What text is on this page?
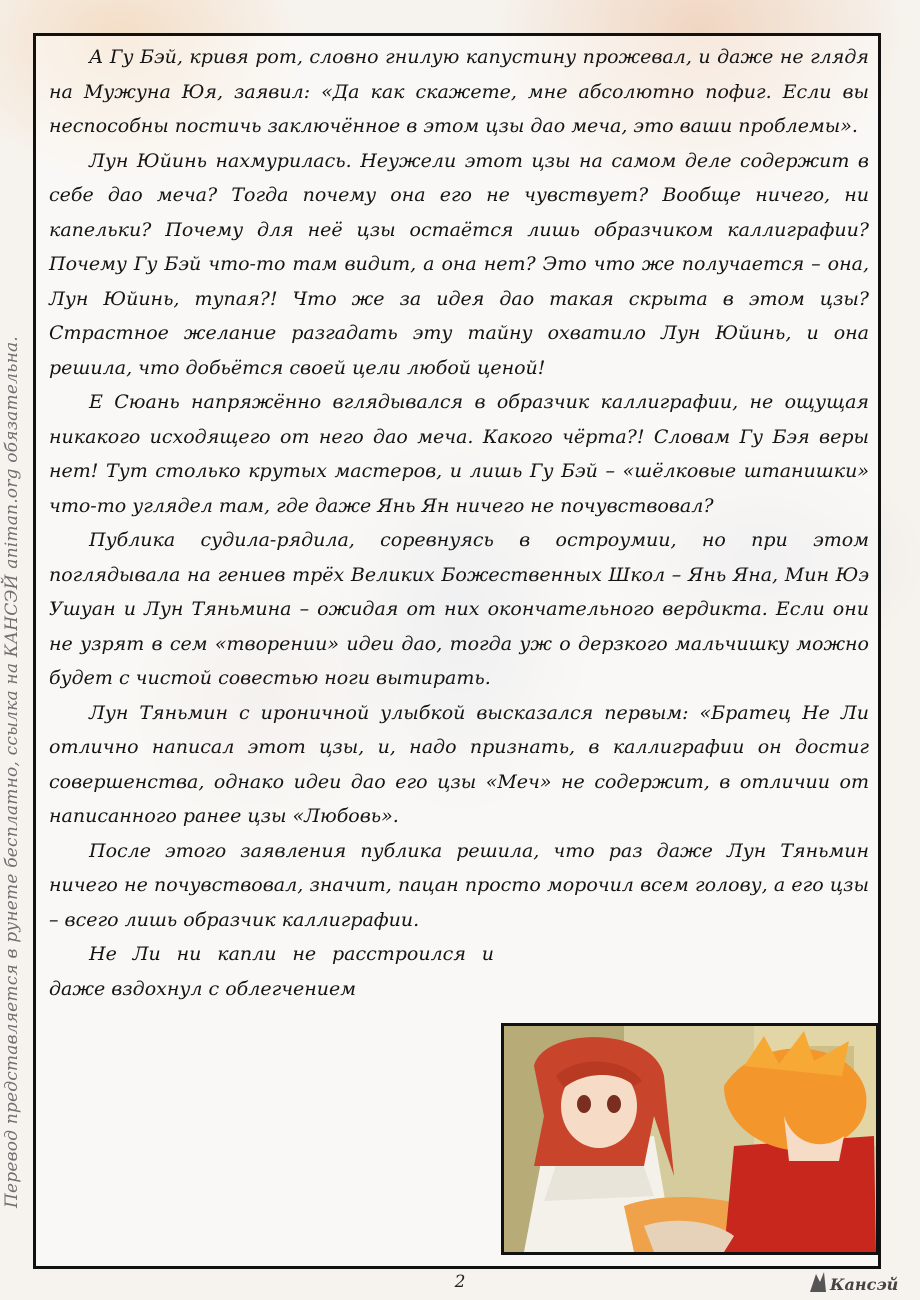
Перевод представляется в рунете бесплатно, ссылка на КАНСЭЙ animan.org обязательна.

А Гу Бэй, кривя рот, словно гнилую капустину прожевал, и даже не глядя на Мужуна Юя, заявил: «Да как скажете, мне абсолютно пофиг. Если вы неспособны постичь заключённое в этом цзы дао меча, это ваши проблемы».

Лун Юйинь нахмурилась. Неужели этот цзы на самом деле содержит в себе дао меча? Тогда почему она его не чувствует? Вообще ничего, ни капельки? Почему для неё цзы остаётся лишь образчиком каллиграфии? Почему Гу Бэй что-то там видит, а она нет? Это что же получается – она, Лун Юйинь, тупая?! Что же за идея дао такая скрыта в этом цзы? Страстное желание разгадать эту тайну охватило Лун Юйинь, и она решила, что добьётся своей цели любой ценой!

Е Сюань напряжённо вглядывался в образчик каллиграфии, не ощущая никакого исходящего от него дао меча. Какого чёрта?! Словам Гу Бэя веры нет! Тут столько крутых мастеров, и лишь Гу Бэй – «шёлковые штанишки» что-то углядел там, где даже Янь Ян ничего не почувствовал?

Публика судила-рядила, соревнуясь в остроумии, но при этом поглядывала на гениев трёх Великих Божественных Школ – Янь Яна, Мин Юэ Ушуан и Лун Тяньмина – ожидая от них окончательного вердикта. Если они не узрят в сем «творении» идеи дао, тогда уж о дерзкого мальчишку можно будет с чистой совестью ноги вытирать.

Лун Тяньмин с ироничной улыбкой высказался первым: «Братец Не Ли отлично написал этот цзы, и, надо признать, в каллиграфии он достиг совершенства, однако идеи дао его цзы «Меч» не содержит, в отличии от написанного ранее цзы «Любовь».

После этого заявления публика решила, что раз даже Лун Тяньмин ничего не почувствовал, значит, пацан просто морочил всем голову, а его цзы – всего лишь образчик каллиграфии.

Не Ли ни капли не расстроился и даже вздохнул с облегчением

2	Кансэй
